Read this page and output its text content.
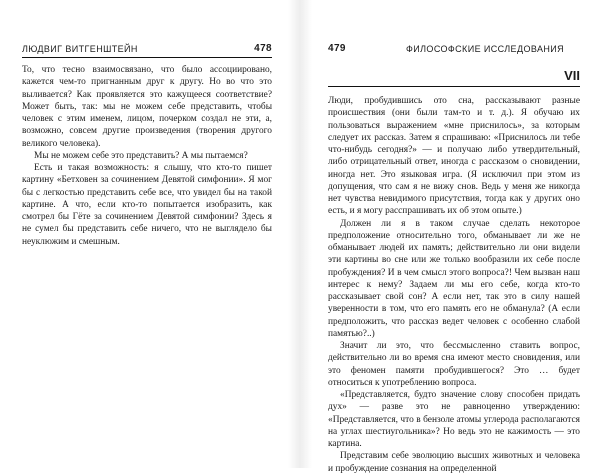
ЛЮДВИГ ВИТГЕНШТЕЙН	478

То, что тесно взаимосвязано, что было ассоциировано, кажется чем-то пригнанным друг к другу. Но во что это выливается? Как проявляется это кажущееся соответствие? Может быть, так: мы не можем себе представить, чтобы человек с этим именем, лицом, почерком создал не эти, а, возможно, совсем другие произведения (творения другого великого человека).

Мы не можем себе это представить? А мы пытаемся?

Есть и такая возможность: я слышу, что кто-то пишет картину «Бетховен за сочинением Девятой симфонии». Я мог бы с легкостью представить себе все, что увидел бы на такой картине. А что, если кто-то попытается изобразить, как смотрел бы Гёте за сочинением Девятой симфонии? Здесь я не сумел бы представить себе ничего, что не выглядело бы неуклюжим и смешным.

479	ФИЛОСОФСКИЕ ИССЛЕДОВАНИЯ
VII

Люди, пробудившись ото сна, рассказывают разные происшествия (они были там-то и т. д.). Я обучаю их пользоваться выражением «мне приснилось», за которым следует их рассказ. Затем я спрашиваю: «Приснилось ли тебе что-нибудь сегодня?» — и получаю либо утвердительный, либо отрицательный ответ, иногда с рассказом о сновидении, иногда нет. Это языковая игра. (Я исключил при этом из допущения, что сам я не вижу снов. Ведь у меня же никогда нет чувства невидимого присутствия, тогда как у других оно есть, и я могу расспрашивать их об этом опыте.)

Должен ли я в таком случае сделать некоторое предположение относительно того, обманывает ли же не обманывает людей их память; действительно ли они видели эти картины во сне или же только вообразили их себе после пробуждения? И в чем смысл этого вопроса?! Чем вызван наш интерес к нему? Задаем ли мы его себе, когда кто-то рассказывает свой сон? А если нет, так это в силу нашей уверенности в том, что его память его не обманула? (А если предположить, что рассказ ведет человек с особенно слабой памятью?..)

Значит ли это, что бессмысленно ставить вопрос, действительно ли во время сна имеют место сновидения, или это феномен памяти пробудившегося? Это … будет относиться к употреблению вопроса.

«Представляется, будто значение слову способен придать дух» — разве это не равноценно утверждению: «Представляется, что в бензоле атомы углерода располагаются на углах шестиугольника»? Но ведь это не кажимость — это картина.

Представим себе эволюцию высших животных и человека и пробуждение сознания на определенной
